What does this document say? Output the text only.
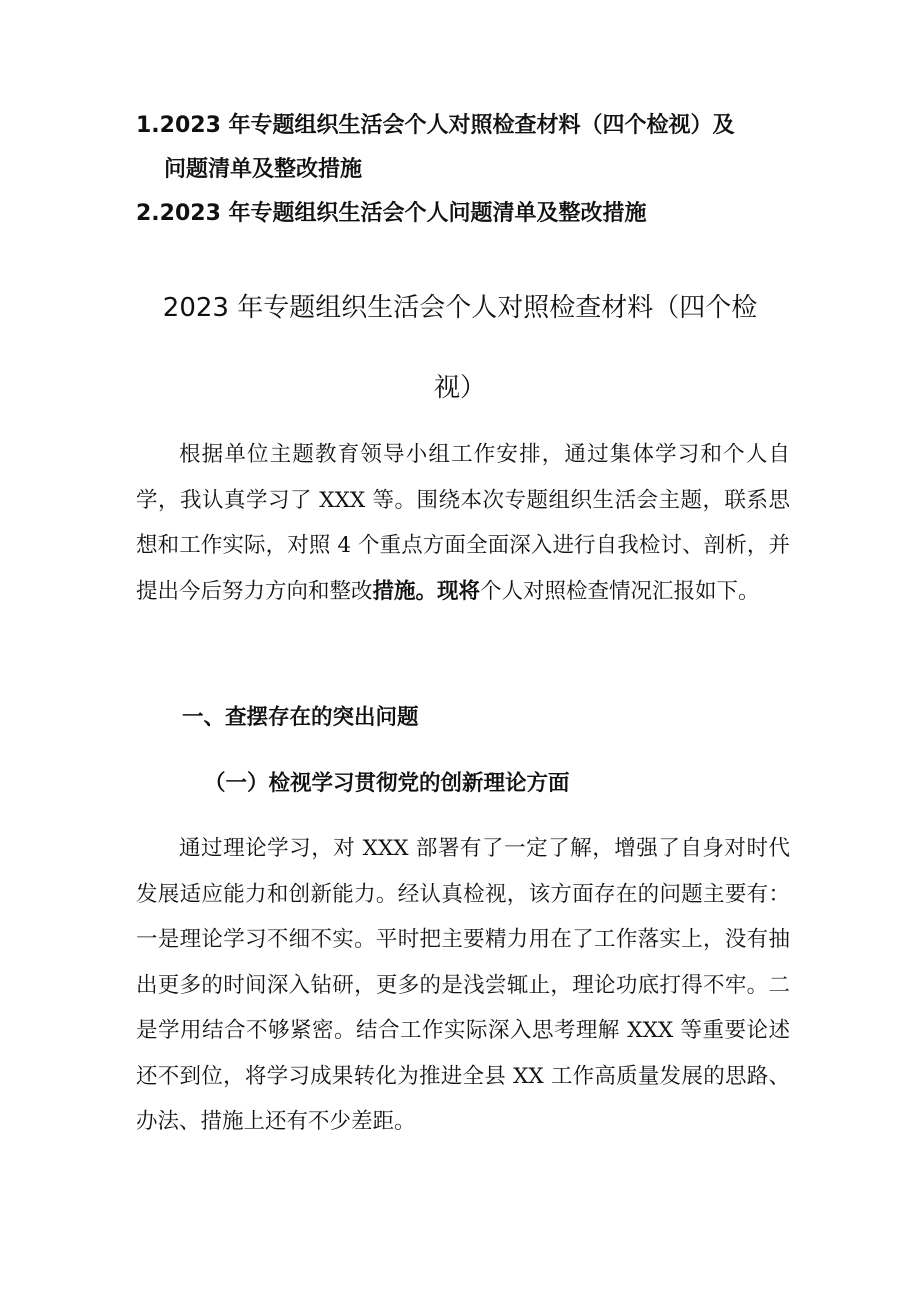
1.2023 年专题组织生活会个人对照检查材料（四个检视）及
问题清单及整改措施

2.2023 年专题组织生活会个人问题清单及整改措施

2023 年专题组织生活会个人对照检查材料（四个检
视）

根据单位主题教育领导小组工作安排，通过集体学习和个人自学，我认真学习了 XXX 等。围绕本次专题组织生活会主题，联系思想和工作实际，对照 4 个重点方面全面深入进行自我检讨、剖析，并提出今后努力方向和整改措施。现将个人对照检查情况汇报如下。

一、查摆存在的突出问题
（一）检视学习贯彻党的创新理论方面

通过理论学习，对 XXX 部署有了一定了解，增强了自身对时代发展适应能力和创新能力。经认真检视，该方面存在的问题主要有：一是理论学习不细不实。平时把主要精力用在了工作落实上，没有抽出更多的时间深入钻研，更多的是浅尝辄止，理论功底打得不牢。二是学用结合不够紧密。结合工作实际深入思考理解 XXX 等重要论述还不到位，将学习成果转化为推进全县 XX 工作高质量发展的思路、办法、措施上还有不少差距。
